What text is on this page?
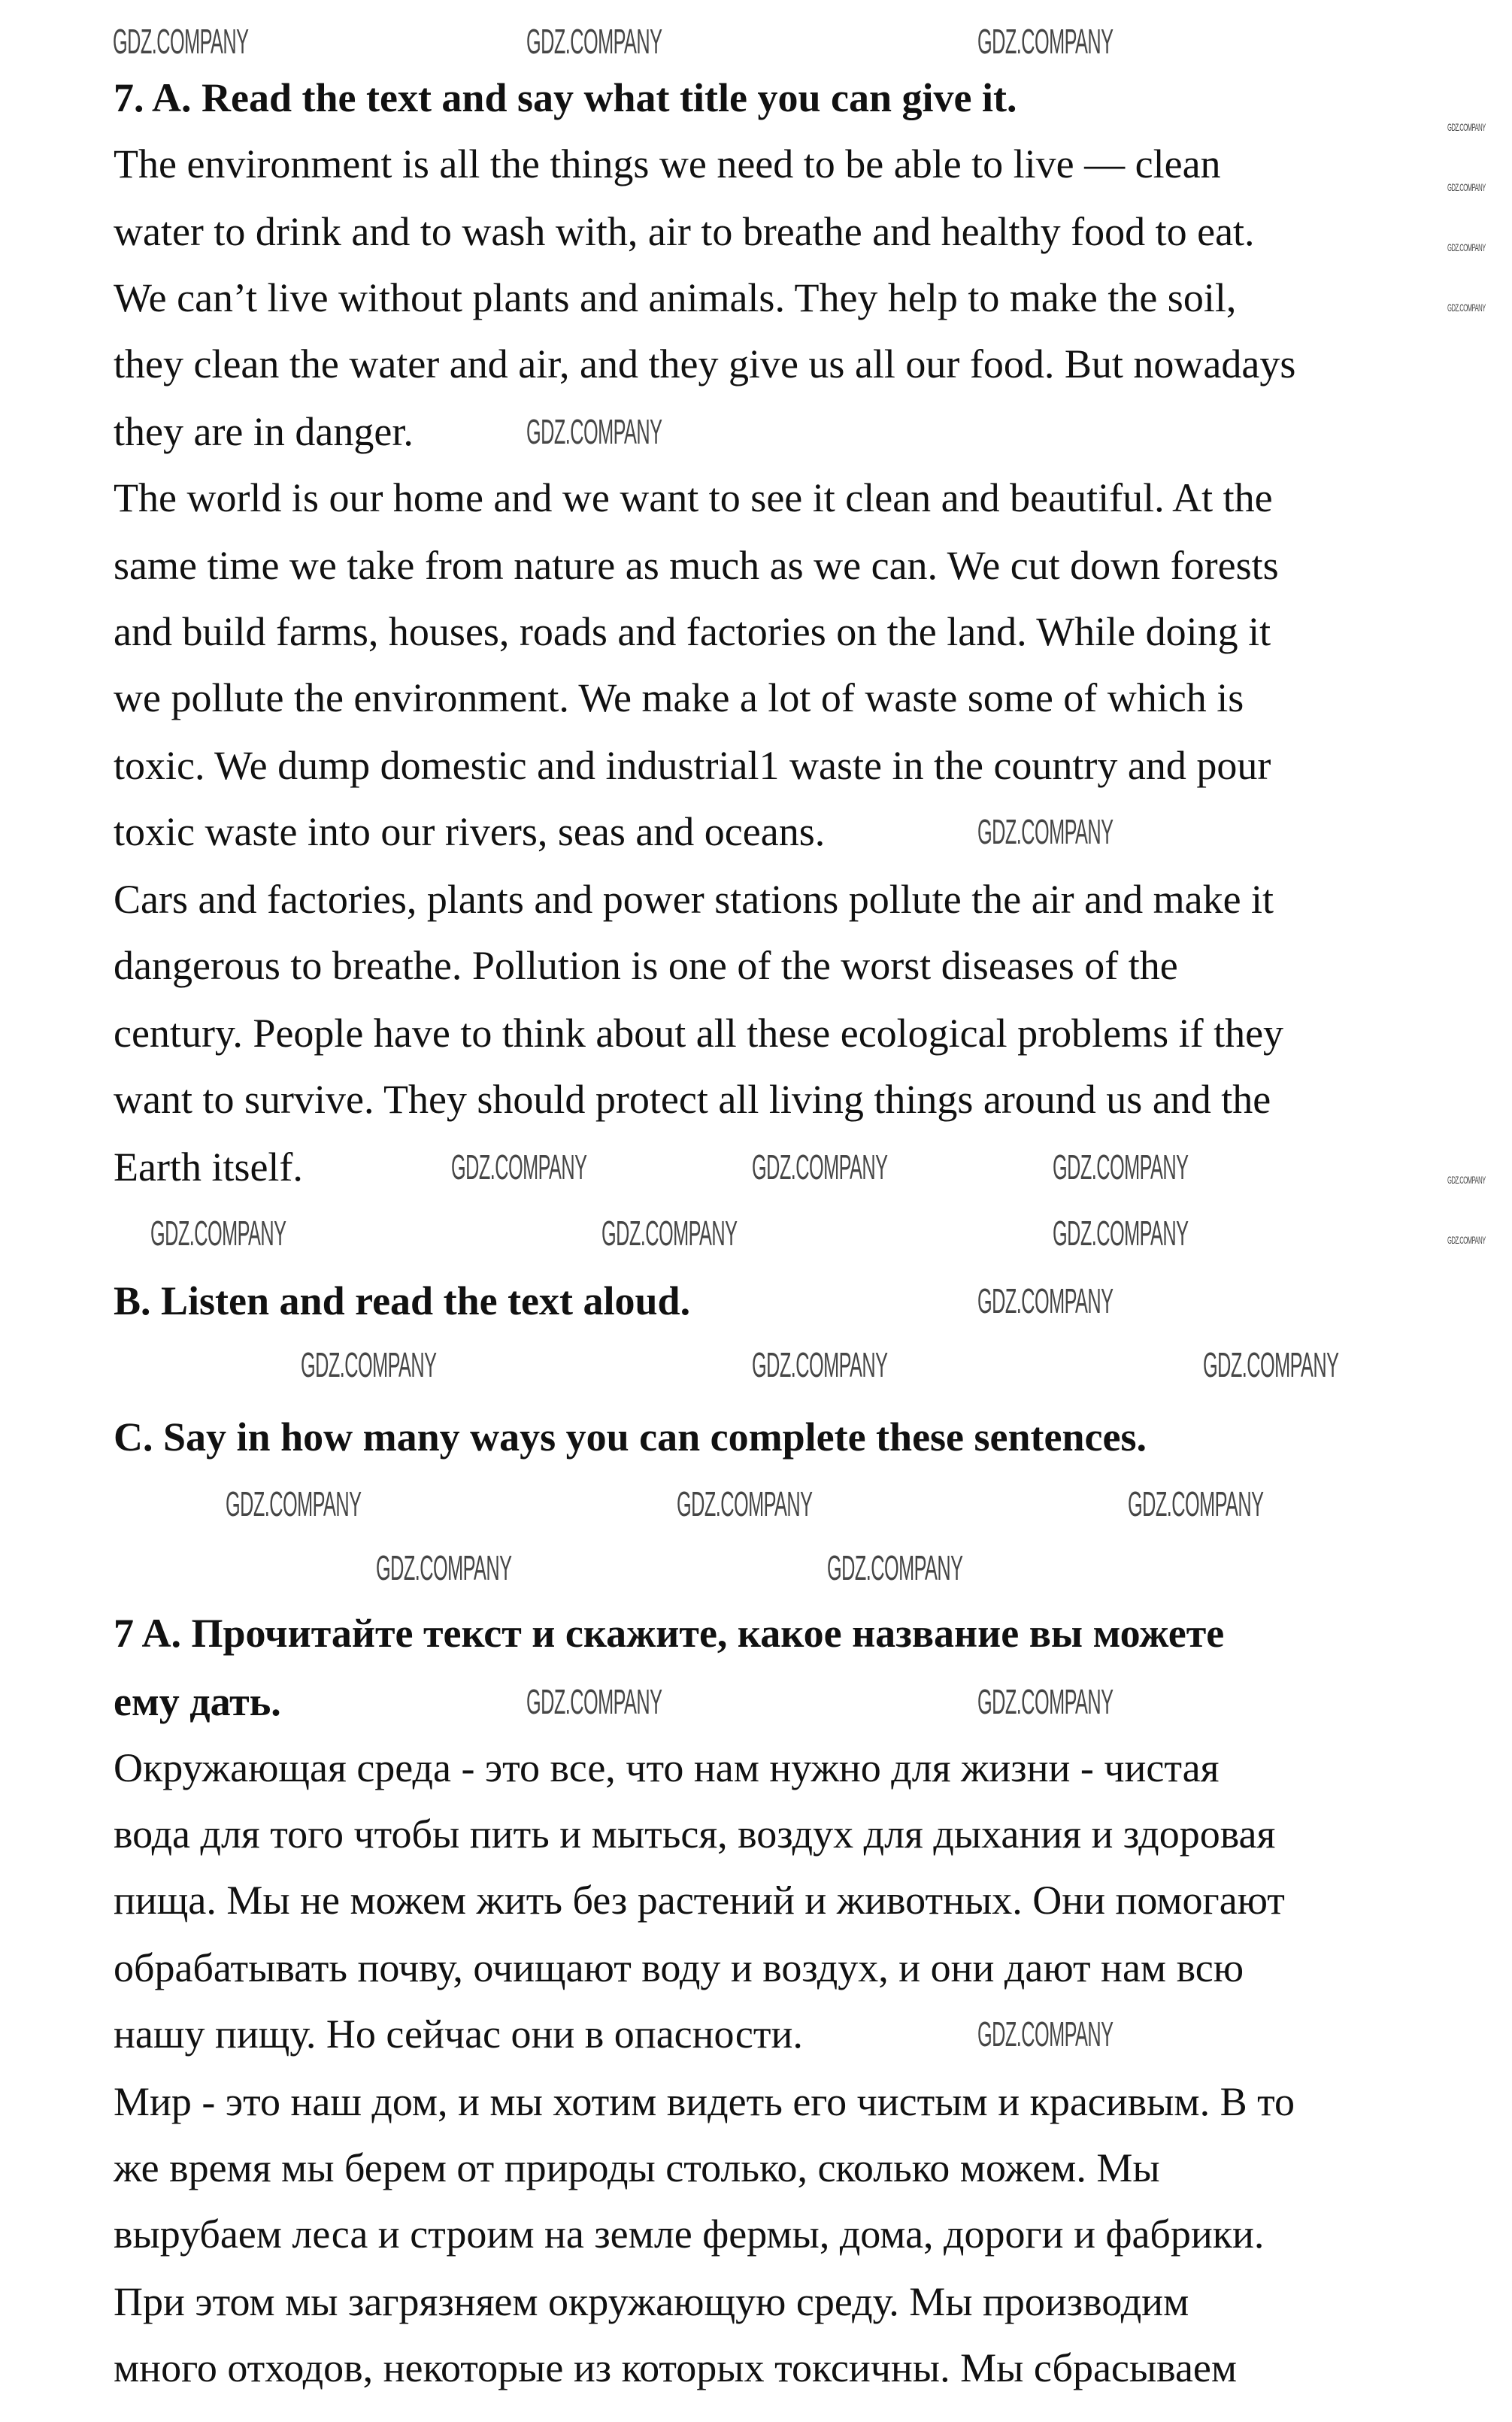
7. A. Read the text and say what title you can give it.
The environment is all the things we need to be able to live — clean
water to drink and to wash with, air to breathe and healthy food to eat.
We can’t live without plants and animals. They help to make the soil,
they clean the water and air, and they give us all our food. But nowadays
they are in danger.
The world is our home and we want to see it clean and beautiful. At the
same time we take from nature as much as we can. We cut down forests
and build farms, houses, roads and factories on the land. While doing it
we pollute the environment. We make a lot of waste some of which is
toxic. We dump domestic and industrial1 waste in the country and pour
toxic waste into our rivers, seas and oceans.
Cars and factories, plants and power stations pollute the air and make it
dangerous to breathe. Pollution is one of the worst diseases of the
century. People have to think about all these ecological problems if they
want to survive. They should protect all living things around us and the
Earth itself.
B. Listen and read the text aloud.
C. Say in how many ways you can complete these sentences.
7 A. Прочитайте текст и скажите, какое название вы можете
ему дать.
Окружающая среда - это все, что нам нужно для жизни - чистая
вода для того чтобы пить и мыться, воздух для дыхания и здоровая
пища. Мы не можем жить без растений и животных. Они помогают
обрабатывать почву, очищают воду и воздух, и они дают нам всю
нашу пищу. Но сейчас они в опасности.
Мир - это наш дом, и мы хотим видеть его чистым и красивым. В то
же время мы берем от природы столько, сколько можем. Мы
вырубаем леса и строим на земле фермы, дома, дороги и фабрики.
При этом мы загрязняем окружающую среду. Мы производим
много отходов, некоторые из которых токсичны. Мы сбрасываем
GDZ.COMPANY	GDZ.COMPANY	GDZ.COMPANY
GDZ.COMPANY
GDZ.COMPANY
GDZ.COMPANY	GDZ.COMPANY	GDZ.COMPANY
GDZ.COMPANY	GDZ.COMPANY	GDZ.COMPANY
GDZ.COMPANY
GDZ.COMPANY	GDZ.COMPANY	GDZ.COMPANY
GDZ.COMPANY	GDZ.COMPANY	GDZ.COMPANY
GDZ.COMPANY	GDZ.COMPANY
GDZ.COMPANY	GDZ.COMPANY
GDZ.COMPANY
GDZ.COMPANY
GDZ.COMPANY
GDZ.COMPANY
GDZ.COMPANY
GDZ.COMPANY
GDZ.COMPANY
